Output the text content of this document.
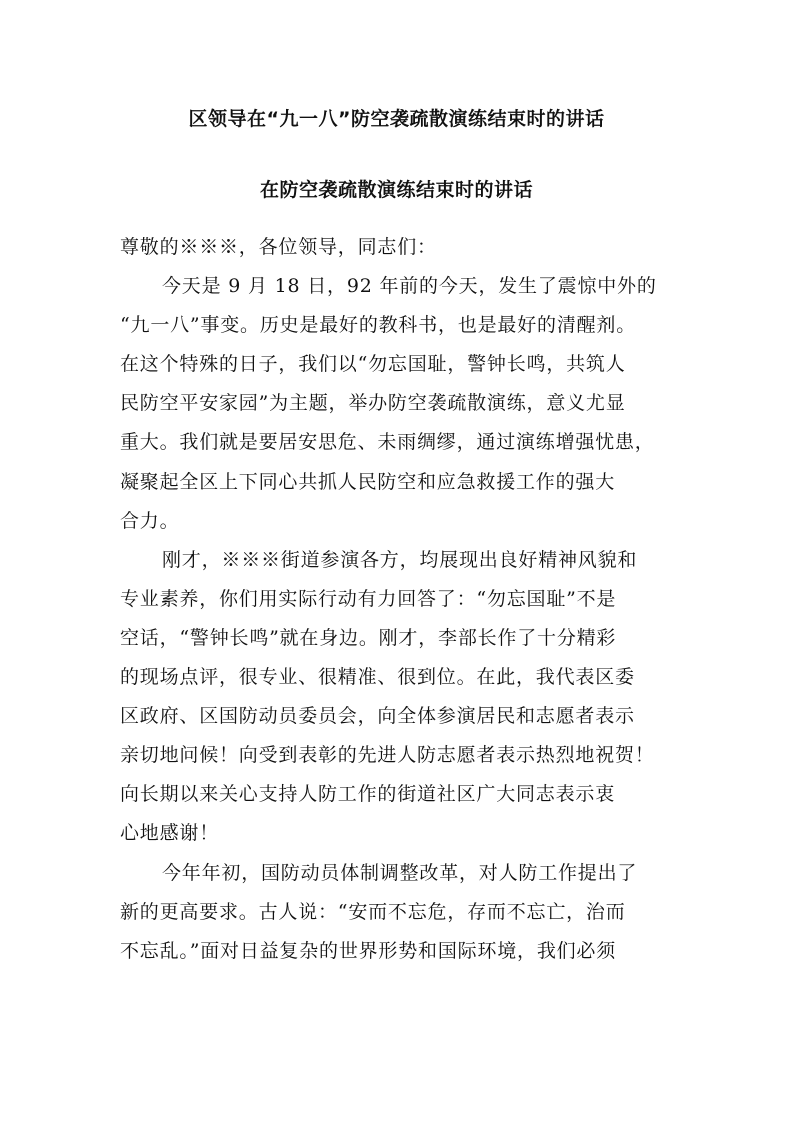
区领导在“九一八”防空袭疏散演练结束时的讲话
在防空袭疏散演练结束时的讲话
尊敬的※※※，各位领导，同志们：
今天是 9 月 18 日，92 年前的今天，发生了震惊中外的
“九一八”事变。历史是最好的教科书，也是最好的清醒剂。
在这个特殊的日子，我们以“勿忘国耻，警钟长鸣，共筑人
民防空平安家园”为主题，举办防空袭疏散演练，意义尤显
重大。我们就是要居安思危、未雨绸缪，通过演练增强忧患，
凝聚起全区上下同心共抓人民防空和应急救援工作的强大
合力。
刚才，※※※街道参演各方，均展现出良好精神风貌和
专业素养，你们用实际行动有力回答了：“勿忘国耻”不是
空话，“警钟长鸣”就在身边。刚才，李部长作了十分精彩
的现场点评，很专业、很精准、很到位。在此，我代表区委
区政府、区国防动员委员会，向全体参演居民和志愿者表示
亲切地问候！向受到表彰的先进人防志愿者表示热烈地祝贺！
向长期以来关心支持人防工作的街道社区广大同志表示衷
心地感谢！
今年年初，国防动员体制调整改革，对人防工作提出了
新的更高要求。古人说：“安而不忘危，存而不忘亡，治而
不忘乱。”面对日益复杂的世界形势和国际环境，我们必须
